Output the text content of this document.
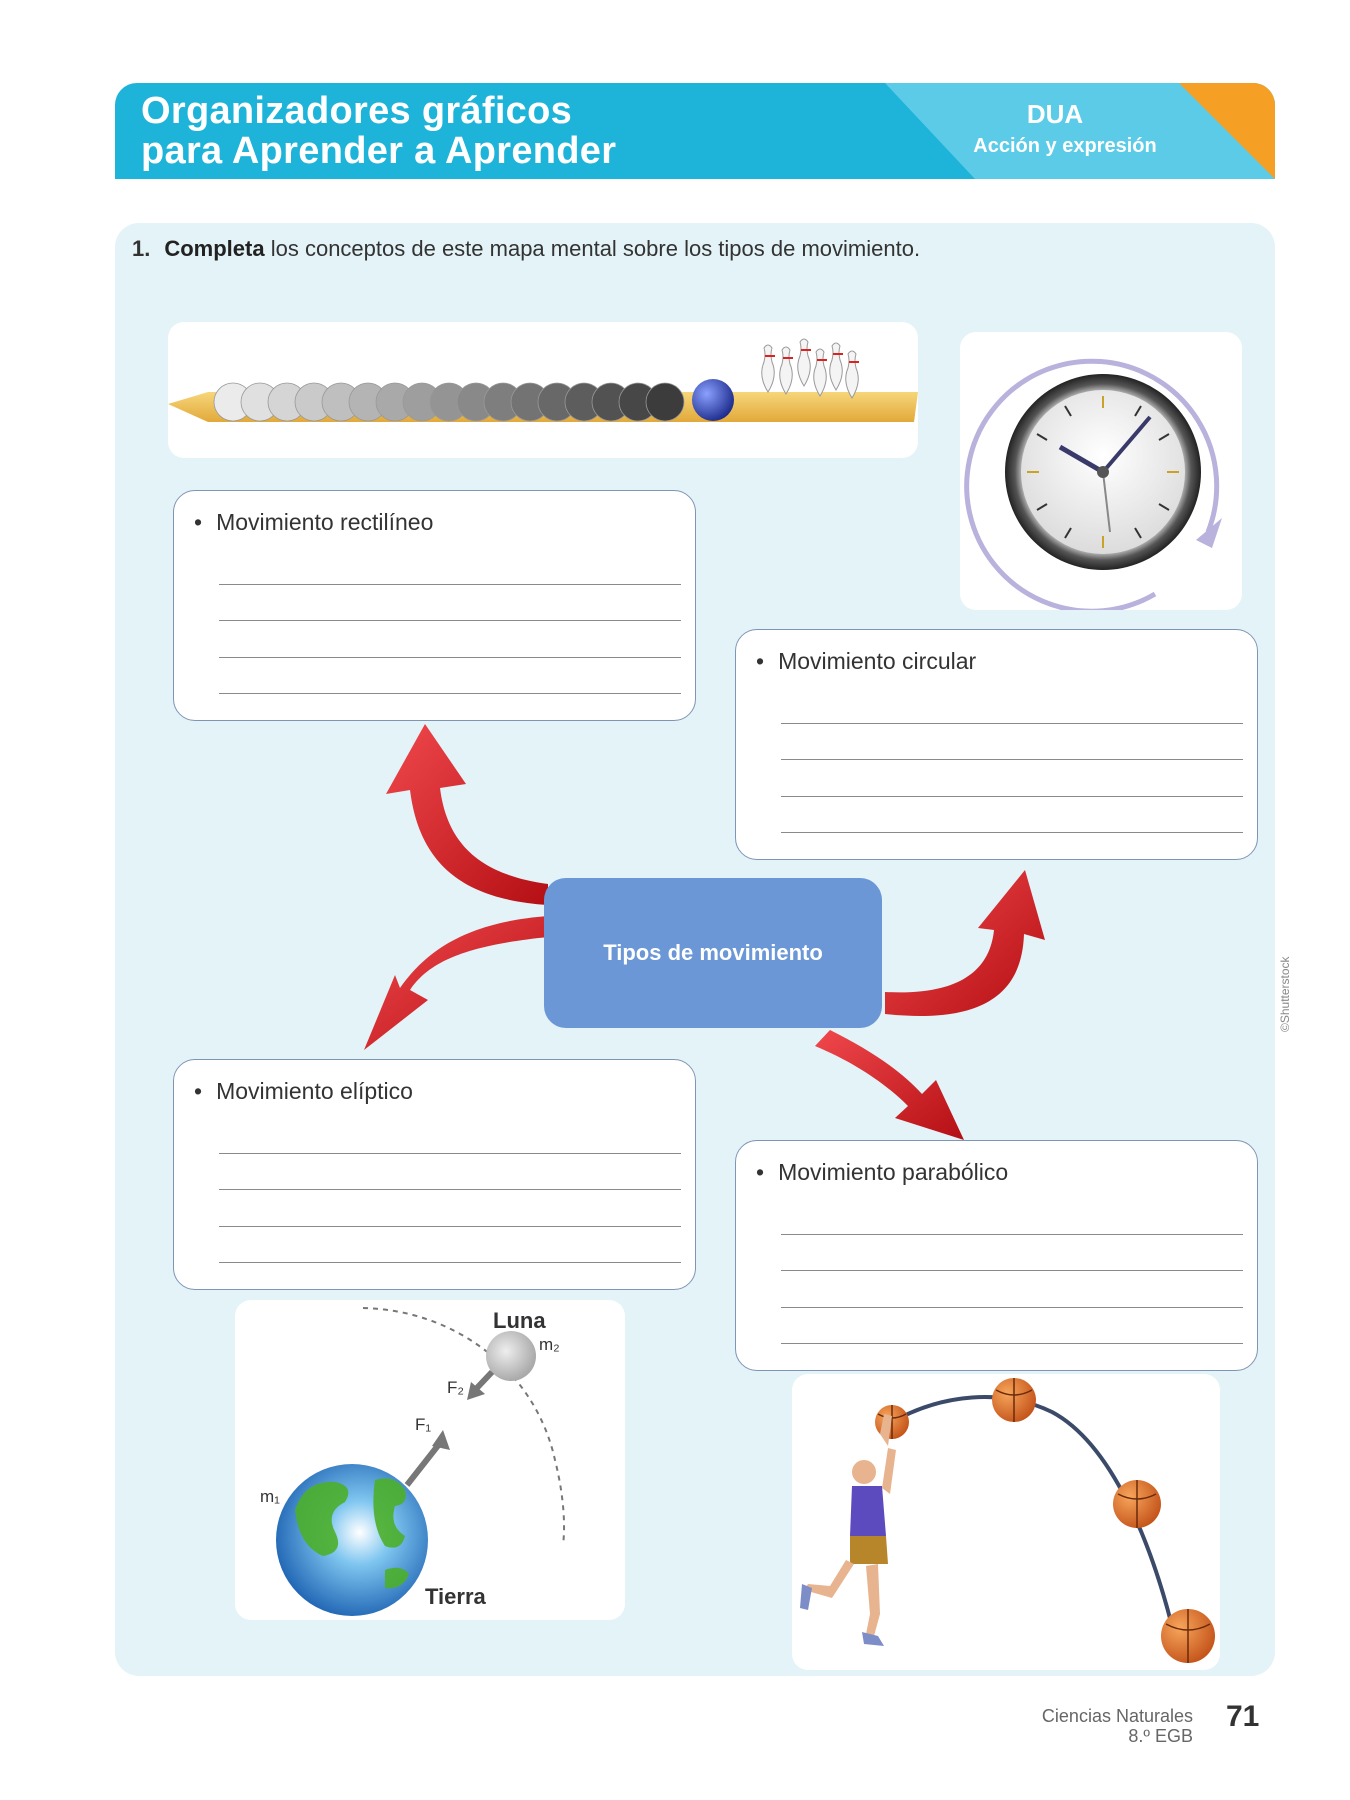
Organizadores gráficos
para Aprender a Aprender
DUA
Acción y expresión
1. Completa los conceptos de este mapa mental sobre los tipos de movimiento.
Tipos de movimiento
• Movimiento rectilíneo
• Movimiento circular
• Movimiento elíptico
• Movimiento parabólico
Luna
m₂
F₂
F₁
m₁
Tierra
©Shutterstock
Ciencias Naturales
8.º EGB
71
